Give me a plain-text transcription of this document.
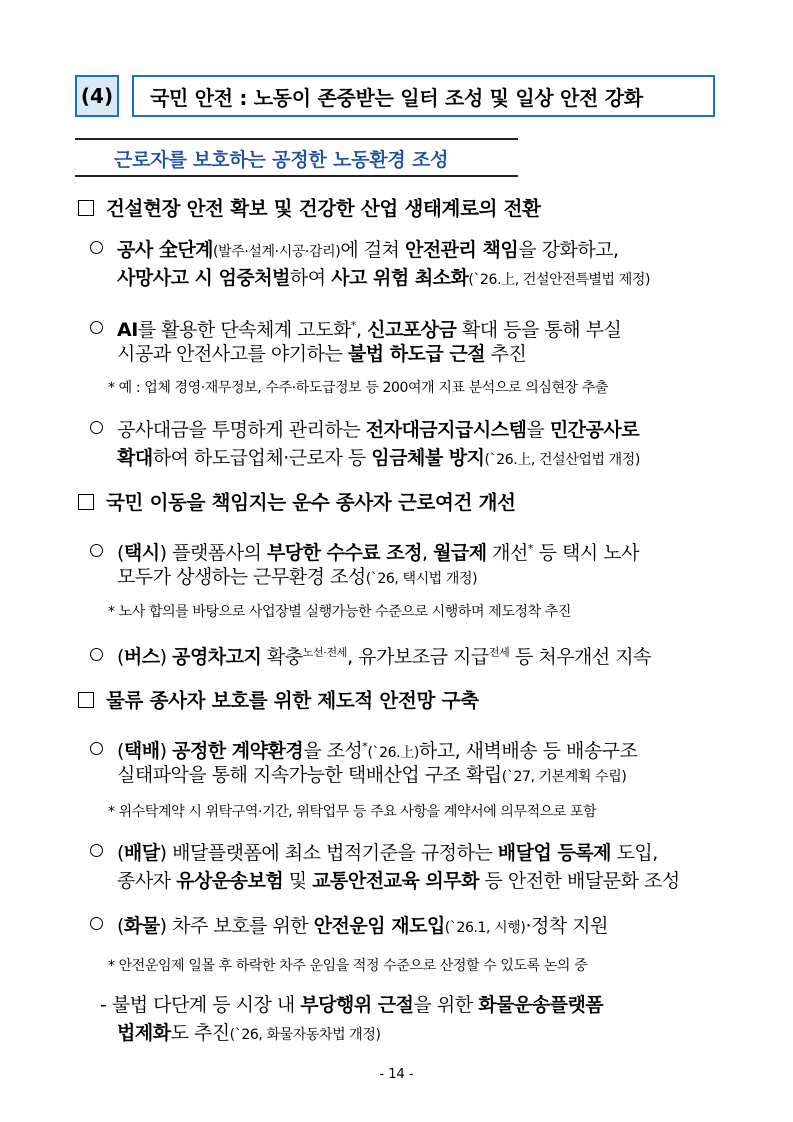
(4) 국민 안전 : 노동이 존중받는 일터 조성 및 일상 안전 강화
근로자를 보호하는 공정한 노동환경 조성
건설현장 안전 확보 및 건강한 산업 생태계로의 전환
공사 全단계(발주·설계·시공·감리)에 걸쳐 안전관리 책임을 강화하고,
사망사고 시 엄중처벌하여 사고 위험 최소화(`26.上, 건설안전특별법 제정)
AI를 활용한 단속체계 고도화*, 신고포상금 확대 등을 통해 부실
시공과 안전사고를 야기하는 불법 하도급 근절 추진
* 예 : 업체 경영·재무정보, 수주·하도급정보 등 200여개 지표 분석으로 의심현장 추출
공사대금을 투명하게 관리하는 전자대금지급시스템을 민간공사로
확대하여 하도급업체·근로자 등 임금체불 방지(`26.上, 건설산업법 개정)
국민 이동을 책임지는 운수 종사자 근로여건 개선
(택시) 플랫폼사의 부당한 수수료 조정, 월급제 개선* 등 택시 노사
모두가 상생하는 근무환경 조성(`26, 택시법 개정)
* 노사 합의를 바탕으로 사업장별 실행가능한 수준으로 시행하며 제도정착 추진
(버스) 공영차고지 확충$^{노선\cdot 전세}$, 유가보조금 지급$^{전세}$ 등 처우개선 지속
물류 종사자 보호를 위한 제도적 안전망 구축
(택배) 공정한 계약환경을 조성*(`26.上)하고, 새벽배송 등 배송구조
실태파악을 통해 지속가능한 택배산업 구조 확립(`27, 기본계획 수립)
* 위수탁계약 시 위탁구역·기간, 위탁업무 등 주요 사항을 계약서에 의무적으로 포함
(배달) 배달플랫폼에 최소 법적기준을 규정하는 배달업 등록제 도입,
종사자 유상운송보험 및 교통안전교육 의무화 등 안전한 배달문화 조성
(화물) 차주 보호를 위한 안전운임 재도입(`26.1, 시행)·정착 지원
* 안전운임제 일몰 후 하락한 차주 운임을 적정 수준으로 산정할 수 있도록 논의 중
- 불법 다단계 등 시장 내 부당행위 근절을 위한 화물운송플랫폼
법제화도 추진(`26, 화물자동차법 개정)
- 14 -
